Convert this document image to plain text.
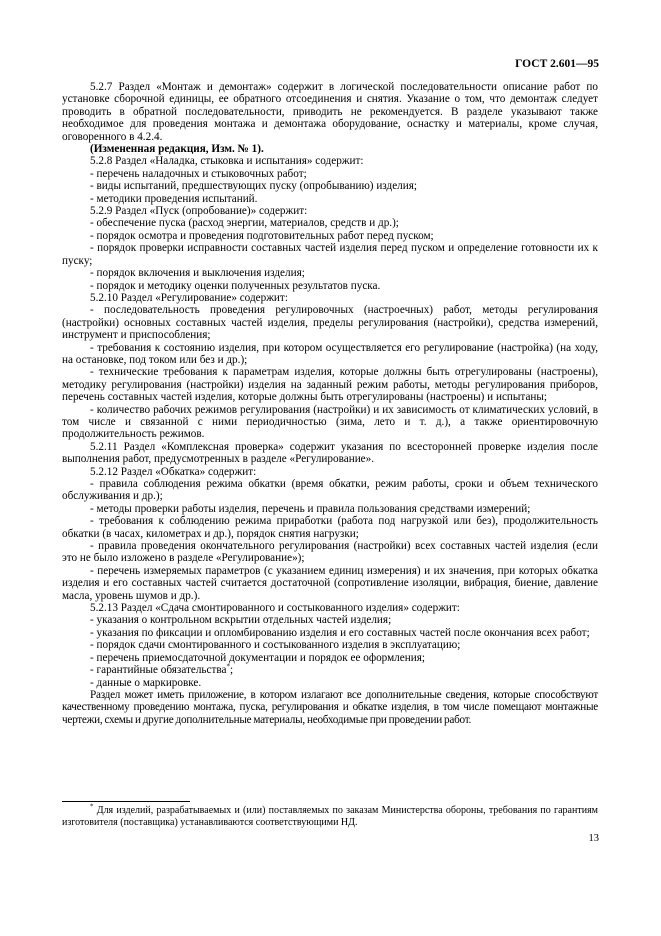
ГОСТ 2.601—95

5.2.7 Раздел «Монтаж и демонтаж» содержит в логической последовательности описание работ по установке сборочной единицы, ее обратного отсоединения и снятия. Указание о том, что демонтаж следует проводить в обратной последовательности, приводить не рекомендуется. В разделе указывают также необходимое для проведения монтажа и демонтажа оборудование, оснастку и материалы, кроме случая, оговоренного в 4.2.4.

(Измененная редакция, Изм. № 1).

5.2.8 Раздел «Наладка, стыковка и испытания» содержит:

- перечень наладочных и стыковочных работ;

- виды испытаний, предшествующих пуску (опробыванию) изделия;

- методики проведения испытаний.

5.2.9 Раздел «Пуск (опробование)» содержит:

- обеспечение пуска (расход энергии, материалов, средств и др.);

- порядок осмотра и проведения подготовительных работ перед пуском;

- порядок проверки исправности составных частей изделия перед пуском и определение готовности их к пуску;

- порядок включения и выключения изделия;

- порядок и методику оценки полученных результатов пуска.

5.2.10 Раздел «Регулирование» содержит:

- последовательность проведения регулировочных (настроечных) работ, методы регулирования (настройки) основных составных частей изделия, пределы регулирования (настройки), средства измерений, инструмент и приспособления;

- требования к состоянию изделия, при котором осуществляется его регулирование (настройка) (на ходу, на остановке, под током или без и др.);

- технические требования к параметрам изделия, которые должны быть отрегулированы (настроены), методику регулирования (настройки) изделия на заданный режим работы, методы регулирования приборов, перечень составных частей изделия, которые должны быть отрегулированы (настроены) и испытаны;

- количество рабочих режимов регулирования (настройки) и их зависимость от климатических условий, в том числе и связанной с ними периодичностью (зима, лето и т. д.), а также ориентировочную продолжительность режимов.

5.2.11 Раздел «Комплексная проверка» содержит указания по всесторонней проверке изделия после выполнения работ, предусмотренных в разделе «Регулирование».

5.2.12 Раздел «Обкатка» содержит:

- правила соблюдения режима обкатки (время обкатки, режим работы, сроки и объем технического обслуживания и др.);

- методы проверки работы изделия, перечень и правила пользования средствами измерений;

- требования к соблюдению режима приработки (работа под нагрузкой или без), продолжительность обкатки (в часах, километрах и др.), порядок снятия нагрузки;

- правила проведения окончательного регулирования (настройки) всех составных частей изделия (если это не было изложено в разделе «Регулирование»);

- перечень измеряемых параметров (с указанием единиц измерения) и их значения, при которых обкатка изделия и его составных частей считается достаточной (сопротивление изоляции, вибрация, биение, давление масла, уровень шумов и др.).

5.2.13 Раздел «Сдача смонтированного и состыкованного изделия» содержит:

- указания о контрольном вскрытии отдельных частей изделия;

- указания по фиксации и опломбированию изделия и его составных частей после окончания всех работ;

- порядок сдачи смонтированного и состыкованного изделия в эксплуатацию;

- перечень приемосдаточной документации и порядок ее оформления;

- гарантийные обязательства*;

- данные о маркировке.

Раздел может иметь приложение, в котором излагают все дополнительные сведения, которые способствуют качественному проведению монтажа, пуска, регулирования и обкатке изделия, в том числе помещают монтажные чертежи, схемы и другие дополнительные материалы, необходимые при проведении работ.

* Для изделий, разрабатываемых и (или) поставляемых по заказам Министерства обороны, требования по гарантиям изготовителя (поставщика) устанавливаются соответствующими НД.
13
